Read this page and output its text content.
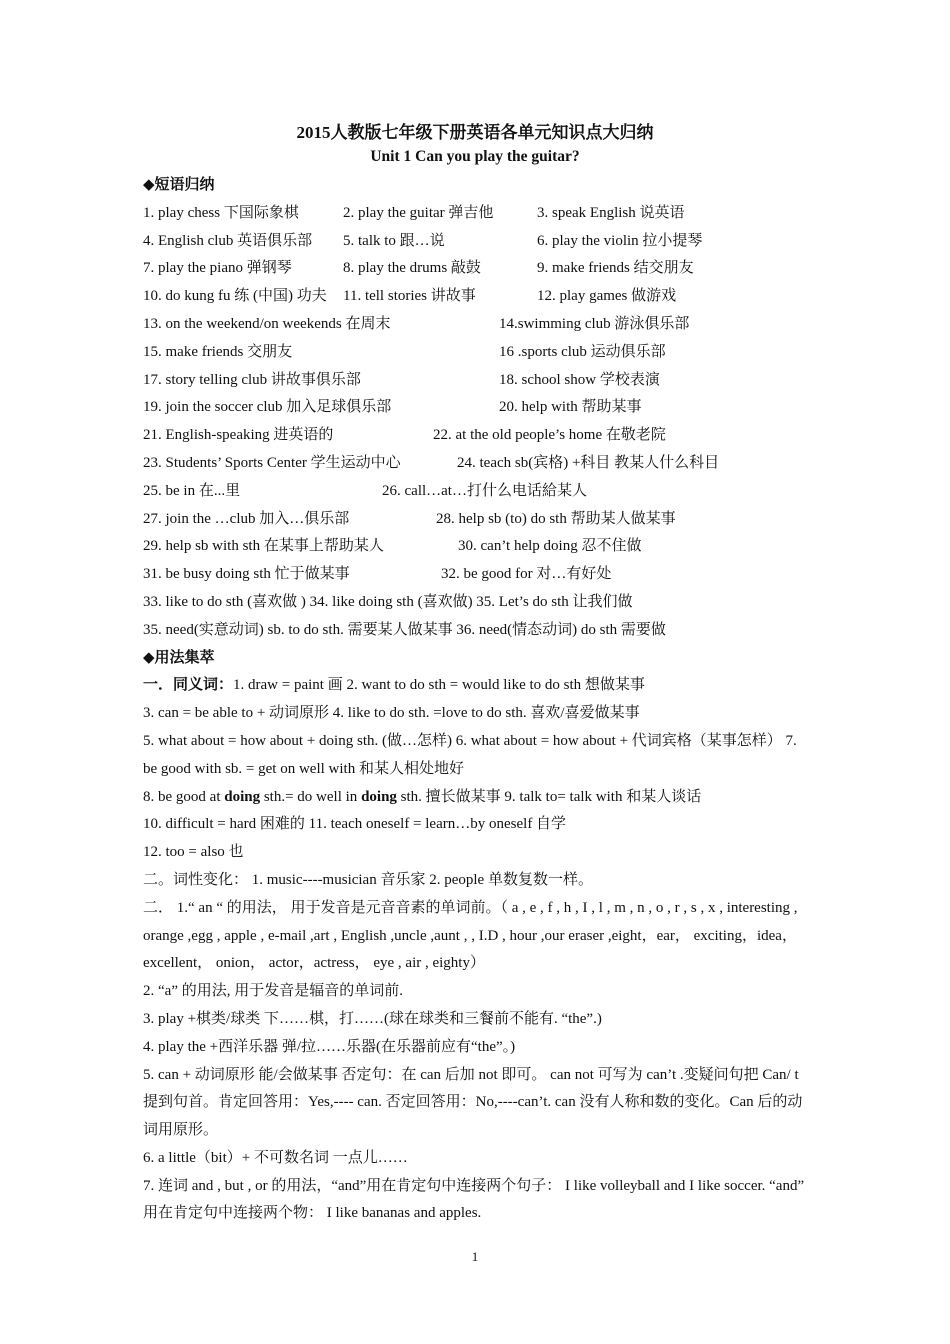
2015人教版七年级下册英语各单元知识点大归纳
Unit 1 Can you play the guitar?
◆短语归纳
1. play chess 下国际象棋	2. play the guitar 弹吉他	3. speak English 说英语
4. English club 英语俱乐部 5. talk to 跟…说	6. play the violin 拉小提琴
7. play the piano 弹钢琴	8. play the drums 敲鼓	9. make friends 结交朋友
10. do kung fu 练 (中国) 功夫 11. tell stories 讲故事	12. play games 做游戏
13. on the weekend/on weekends 在周末	14.swimming club 游泳俱乐部
15. make friends 交朋友	16 .sports club 运动俱乐部
17. story telling club 讲故事俱乐部	18. school show 学校表演
19. join the soccer club 加入足球俱乐部	20. help with 帮助某事
21. English-speaking 进英语的	22. at the old people’s home 在敬老院
23. Students’ Sports Center 学生运动中心	24. teach sb(宾格) +科目 教某人什么科目
25. be in 在...里	26. call…at…打什么电话給某人
27. join the …club 加入…俱乐部	28. help sb (to) do sth 帮助某人做某事
29. help sb with sth 在某事上帮助某人	30. can’t help doing 忍不住做
31. be busy doing sth 忙于做某事	32. be good for 对…有好处
33. like to do sth (喜欢做 ) 34. like doing sth (喜欢做) 35. Let’s do sth 让我们做
35. need(实意动词) sb. to do sth. 需要某人做某事 36. need(情态动词) do sth 需要做
◆用法集萃
一．同义词：1. draw = paint 画 2. want to do sth = would like to do sth 想做某事
3. can = be able to + 动词原形 4. like to do sth. =love to do sth. 喜欢/喜爱做某事
5. what about = how about + doing sth. (做…怎样) 6. what about = how about + 代词宾格（某事怎样） 7. be good with sb. = get on well with 和某人相处地好
8. be good at doing sth.= do well in doing sth. 擅长做某事 9. talk to= talk with 和某人谈话
10. difficult = hard 困难的 11. teach oneself = learn…by oneself 自学
12. too = also 也
二。词性变化： 1. music----musician 音乐家 2. people 单数复数一样。
二． 1.“ an “ 的用法， 用于发音是元音音素的单词前。（ a , e , f , h , I , l , m , n , o , r , s , x , interesting , orange ,egg , apple , e-mail ,art , English ,uncle ,aunt , , I.D , hour ,our eraser ,eight，ear， exciting，idea， excellent， onion， actor，actress， eye , air , eighty）
2. “a” 的用法, 用于发音是辐音的单词前.
3. play +棋类/球类 下……棋，打……(球在球类和三餐前不能有. “the”.)
4. play the +西洋乐器 弹/拉……乐器(在乐器前应有“the”。)
5. can + 动词原形 能/会做某事 否定句：在 can 后加 not 即可。 can not 可写为 can’t .变疑问句把 Can/ t 提到句首。肯定回答用：Yes,---- can. 否定回答用：No,----can’t. can 没有人称和数的变化。Can 后的动词用原形。
6. a little（bit）+ 不可数名词 一点儿……
7. 连词 and , but , or 的用法，“and”用在肯定句中连接两个句子： I like volleyball and I like soccer. “and” 用在肯定句中连接两个物： I like bananas and apples.
1
